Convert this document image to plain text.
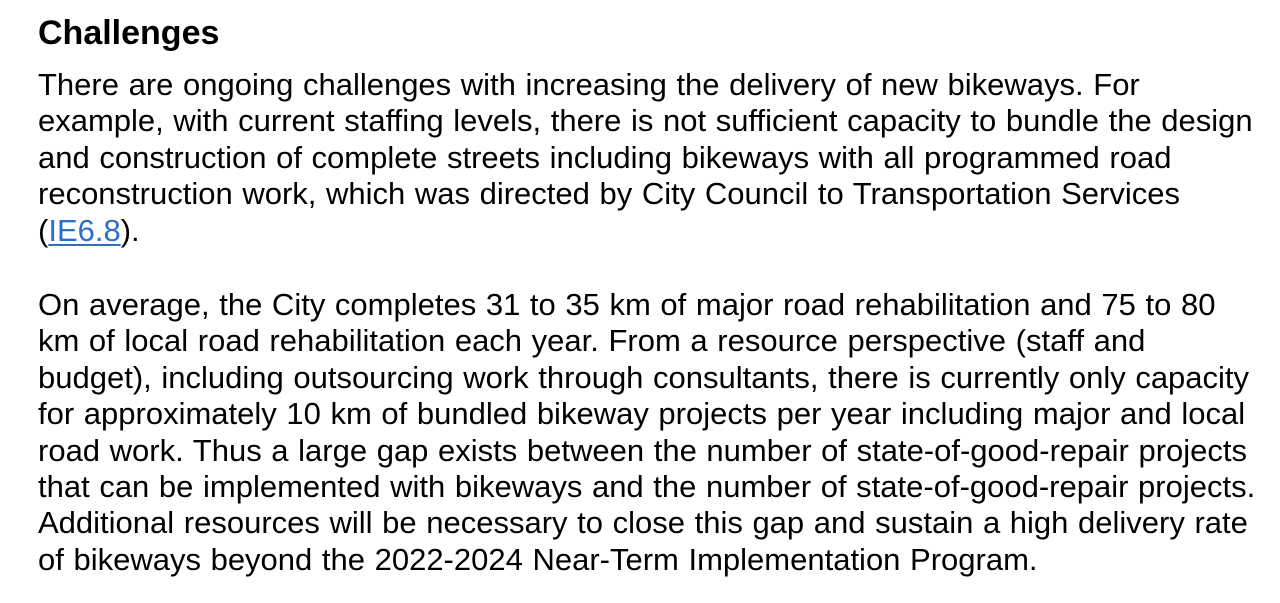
Challenges
There are ongoing challenges with increasing the delivery of new bikeways. For
example, with current staffing levels, there is not sufficient capacity to bundle the design
and construction of complete streets including bikeways with all programmed road
reconstruction work, which was directed by City Council to Transportation Services
(IE6.8).
On average, the City completes 31 to 35 km of major road rehabilitation and 75 to 80
km of local road rehabilitation each year. From a resource perspective (staff and
budget), including outsourcing work through consultants, there is currently only capacity
for approximately 10 km of bundled bikeway projects per year including major and local
road work. Thus a large gap exists between the number of state-of-good-repair projects
that can be implemented with bikeways and the number of state-of-good-repair projects.
Additional resources will be necessary to close this gap and sustain a high delivery rate
of bikeways beyond the 2022-2024 Near-Term Implementation Program.
